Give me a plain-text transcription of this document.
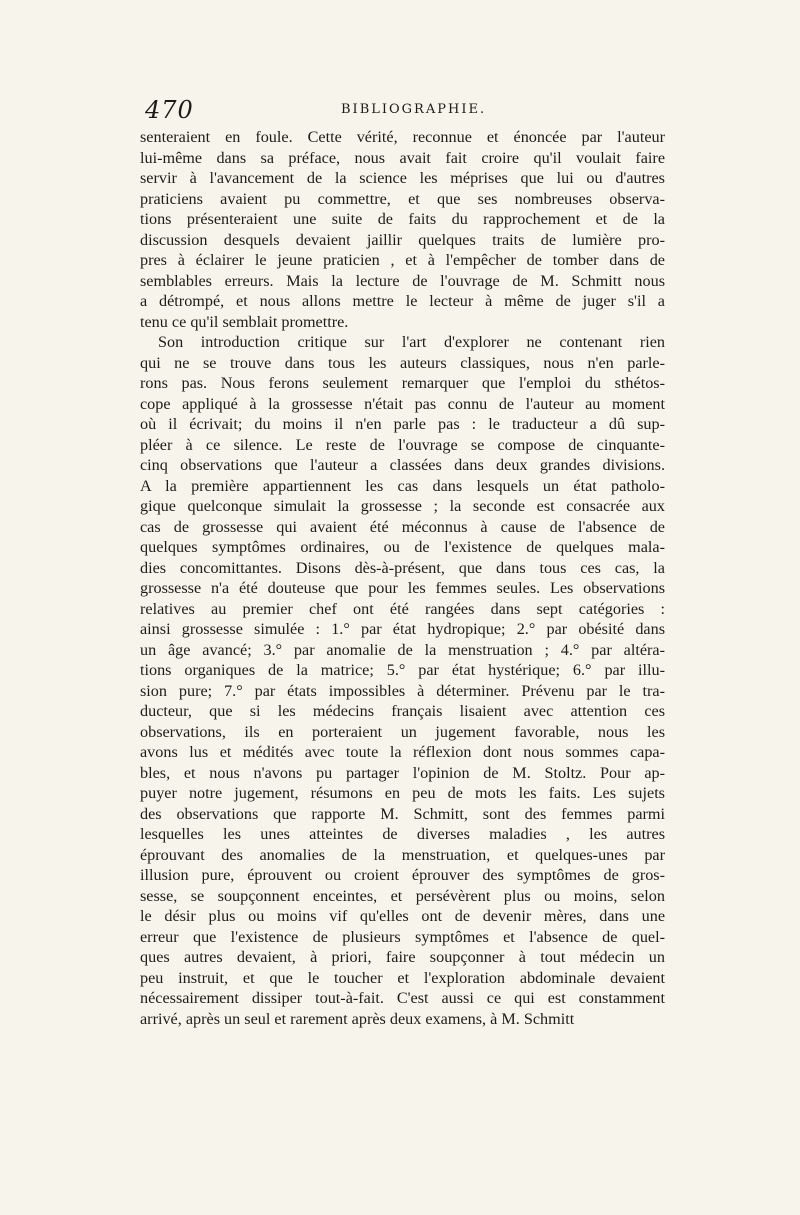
470	BIBLIOGRAPHIE.
senteraient en foule. Cette vérité, reconnue et énoncée par l'auteur
lui-même dans sa préface, nous avait fait croire qu'il voulait faire
servir à l'avancement de la science les méprises que lui ou d'autres
praticiens avaient pu commettre, et que ses nombreuses observa-
tions présenteraient une suite de faits du rapprochement et de la
discussion desquels devaient jaillir quelques traits de lumière pro-
pres à éclairer le jeune praticien , et à l'empêcher de tomber dans de
semblables erreurs. Mais la lecture de l'ouvrage de M. Schmitt nous
a détrompé, et nous allons mettre le lecteur à même de juger s'il a
tenu ce qu'il semblait promettre.
Son introduction critique sur l'art d'explorer ne contenant rien
qui ne se trouve dans tous les auteurs classiques, nous n'en parle-
rons pas. Nous ferons seulement remarquer que l'emploi du sthétos-
cope appliqué à la grossesse n'était pas connu de l'auteur au moment
où il écrivait; du moins il n'en parle pas : le traducteur a dû sup-
pléer à ce silence. Le reste de l'ouvrage se compose de cinquante-
cinq observations que l'auteur a classées dans deux grandes divisions.
A la première appartiennent les cas dans lesquels un état patholo-
gique quelconque simulait la grossesse ; la seconde est consacrée aux
cas de grossesse qui avaient été méconnus à cause de l'absence de
quelques symptômes ordinaires, ou de l'existence de quelques mala-
dies concomittantes. Disons dès-à-présent, que dans tous ces cas, la
grossesse n'a été douteuse que pour les femmes seules. Les observations
relatives au premier chef ont été rangées dans sept catégories :
ainsi grossesse simulée : 1.° par état hydropique; 2.° par obésité dans
un âge avancé; 3.° par anomalie de la menstruation ; 4.° par altéra-
tions organiques de la matrice; 5.° par état hystérique; 6.° par illu-
sion pure; 7.° par états impossibles à déterminer. Prévenu par le tra-
ducteur, que si les médecins français lisaient avec attention ces
observations, ils en porteraient un jugement favorable, nous les
avons lus et médités avec toute la réflexion dont nous sommes capa-
bles, et nous n'avons pu partager l'opinion de M. Stoltz. Pour ap-
puyer notre jugement, résumons en peu de mots les faits. Les sujets
des observations que rapporte M. Schmitt, sont des femmes parmi
lesquelles les unes atteintes de diverses maladies , les autres
éprouvant des anomalies de la menstruation, et quelques-unes par
illusion pure, éprouvent ou croient éprouver des symptômes de gros-
sesse, se soupçonnent enceintes, et persévèrent plus ou moins, selon
le désir plus ou moins vif qu'elles ont de devenir mères, dans une
erreur que l'existence de plusieurs symptômes et l'absence de quel-
ques autres devaient, à priori, faire soupçonner à tout médecin un
peu instruit, et que le toucher et l'exploration abdominale devaient
nécessairement dissiper tout-à-fait. C'est aussi ce qui est constamment
arrivé, après un seul et rarement après deux examens, à M. Schmitt
